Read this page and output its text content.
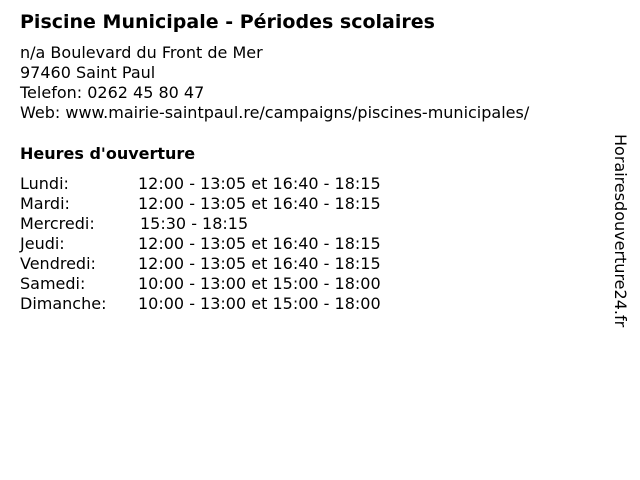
Piscine Municipale - Périodes scolaires
n/a Boulevard du Front de Mer
97460 Saint Paul
Telefon: 0262 45 80 47
Web: www.mairie-saintpaul.re/campaigns/piscines-municipales/
Heures d'ouverture
Lundi:	12:00 - 13:05 et 16:40 - 18:15
Mardi:	12:00 - 13:05 et 16:40 - 18:15
Mercredi:	15:30 - 18:15
Jeudi:	12:00 - 13:05 et 16:40 - 18:15
Vendredi:	12:00 - 13:05 et 16:40 - 18:15
Samedi:	10:00 - 13:00 et 15:00 - 18:00
Dimanche: 10:00 - 13:00 et 15:00 - 18:00	Horairesdouverture24.fr
